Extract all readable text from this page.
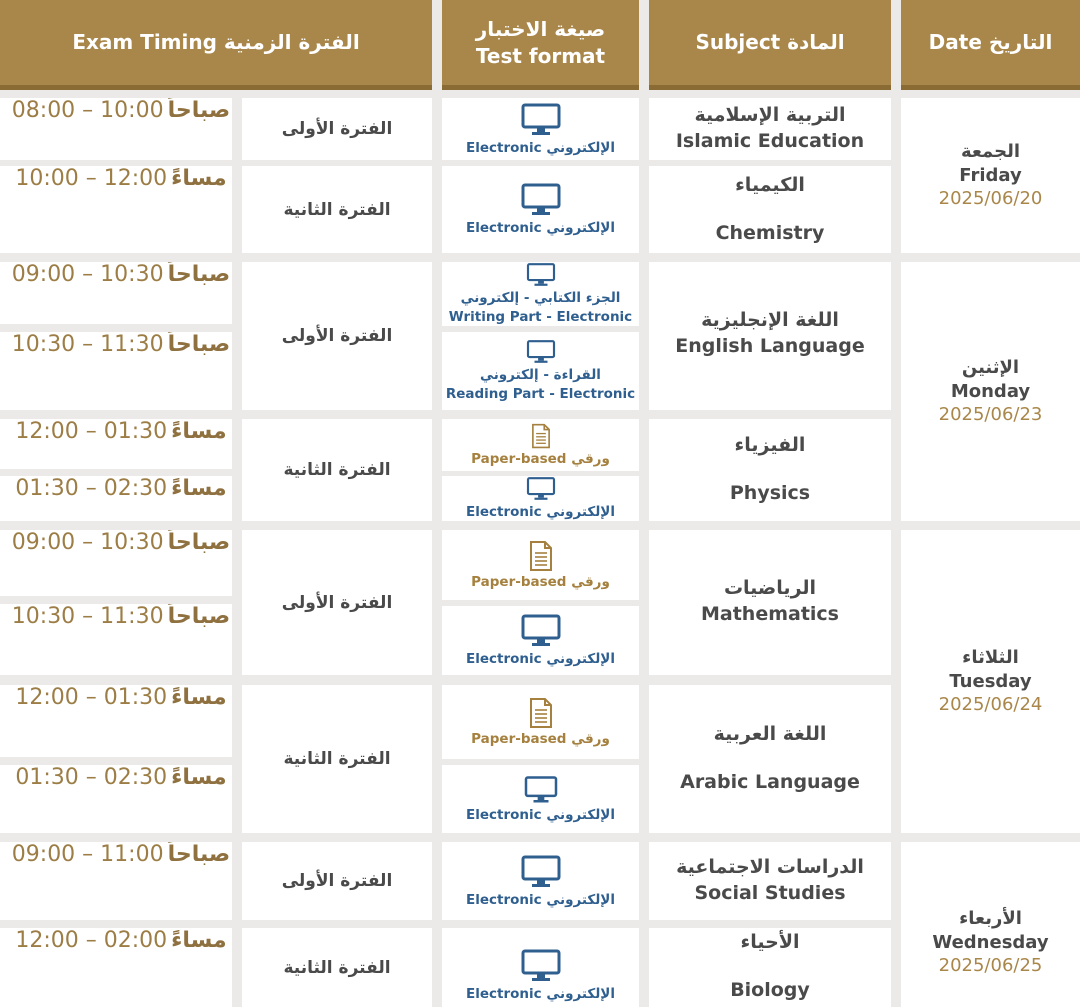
Exam Timing الفترة الزمنية
صيغة الاختبار
Test format
Subject المادة	Date التاريخ
الجمعة
Friday
2025/06/20
الإثنين
Monday
2025/06/23
الثلاثاء
Tuesday
2025/06/24
الأربعاء
Wednesday
2025/06/25
التربية الإسلامية
Islamic Education
الكيمياء
Chemistry
اللغة الإنجليزية
English Language
الفيزياء
Physics
الرياضيات
Mathematics
اللغة العربية
Arabic Language
الدراسات الاجتماعية
Social Studies
الأحياء
Biology
Electronic الإلكتروني
Electronic الإلكتروني
الجزء الكتابي - إلكتروني
Writing Part - Electronic
القراءة - إلكتروني
Reading Part - Electronic
Paper-based ورقي
Electronic الإلكتروني
Paper-based ورقي
Electronic الإلكتروني
Paper-based ورقي
Electronic الإلكتروني
Electronic الإلكتروني
Electronic الإلكتروني
الفترة الأولى
الفترة الثانية
الفترة الأولى
الفترة الثانية
الفترة الأولى
الفترة الثانية
الفترة الأولى
الفترة الثانية
08:00 – 10:00 صباحاً
10:00 – 12:00 مساءً
09:00 – 10:30 صباحاً
10:30 – 11:30 صباحاً
12:00 – 01:30 مساءً
01:30 – 02:30 مساءً
09:00 – 10:30 صباحاً
10:30 – 11:30 صباحاً
12:00 – 01:30 مساءً
01:30 – 02:30 مساءً
09:00 – 11:00 صباحاً
12:00 – 02:00 مساءً
